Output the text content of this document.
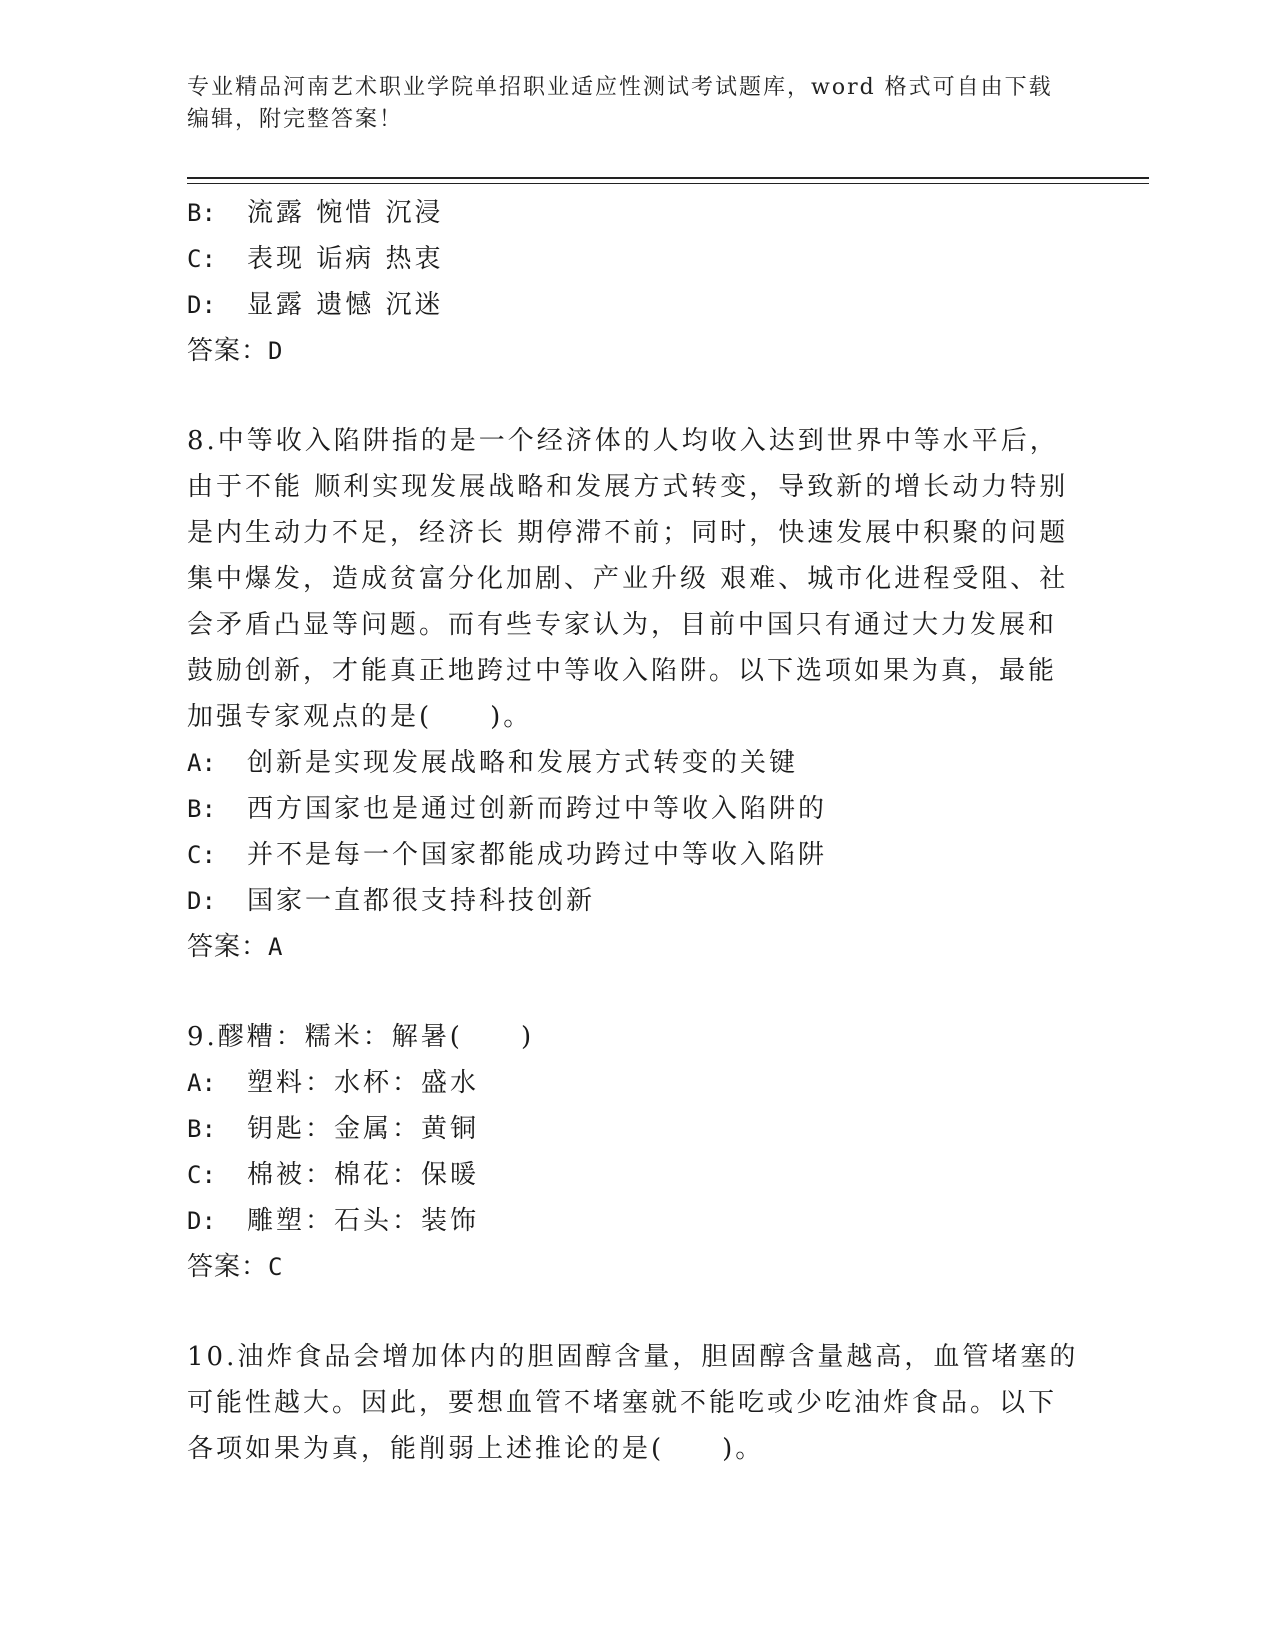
专业精品河南艺术职业学院单招职业适应性测试考试题库，word 格式可自由下载
编辑，附完整答案！
B: 流露 惋惜 沉浸
C: 表现 诟病 热衷
D: 显露 遗憾 沉迷
答案：D
8.中等收入陷阱指的是一个经济体的人均收入达到世界中等水平后，
由于不能 顺利实现发展战略和发展方式转变，导致新的增长动力特别
是内生动力不足，经济长 期停滞不前；同时，快速发展中积聚的问题
集中爆发，造成贫富分化加剧、产业升级 艰难、城市化进程受阻、社
会矛盾凸显等问题。而有些专家认为，目前中国只有通过大力发展和
鼓励创新，才能真正地跨过中等收入陷阱。以下选项如果为真，最能
加强专家观点的是(　　)。
A: 创新是实现发展战略和发展方式转变的关键
B: 西方国家也是通过创新而跨过中等收入陷阱的
C: 并不是每一个国家都能成功跨过中等收入陷阱
D: 国家一直都很支持科技创新
答案：A
9.醪糟：糯米：解暑(　　)
A: 塑料：水杯：盛水
B: 钥匙：金属：黄铜
C: 棉被：棉花：保暖
D: 雕塑：石头：装饰
答案：C
10.油炸食品会增加体内的胆固醇含量，胆固醇含量越高，血管堵塞的
可能性越大。因此，要想血管不堵塞就不能吃或少吃油炸食品。以下
各项如果为真，能削弱上述推论的是(　　)。
